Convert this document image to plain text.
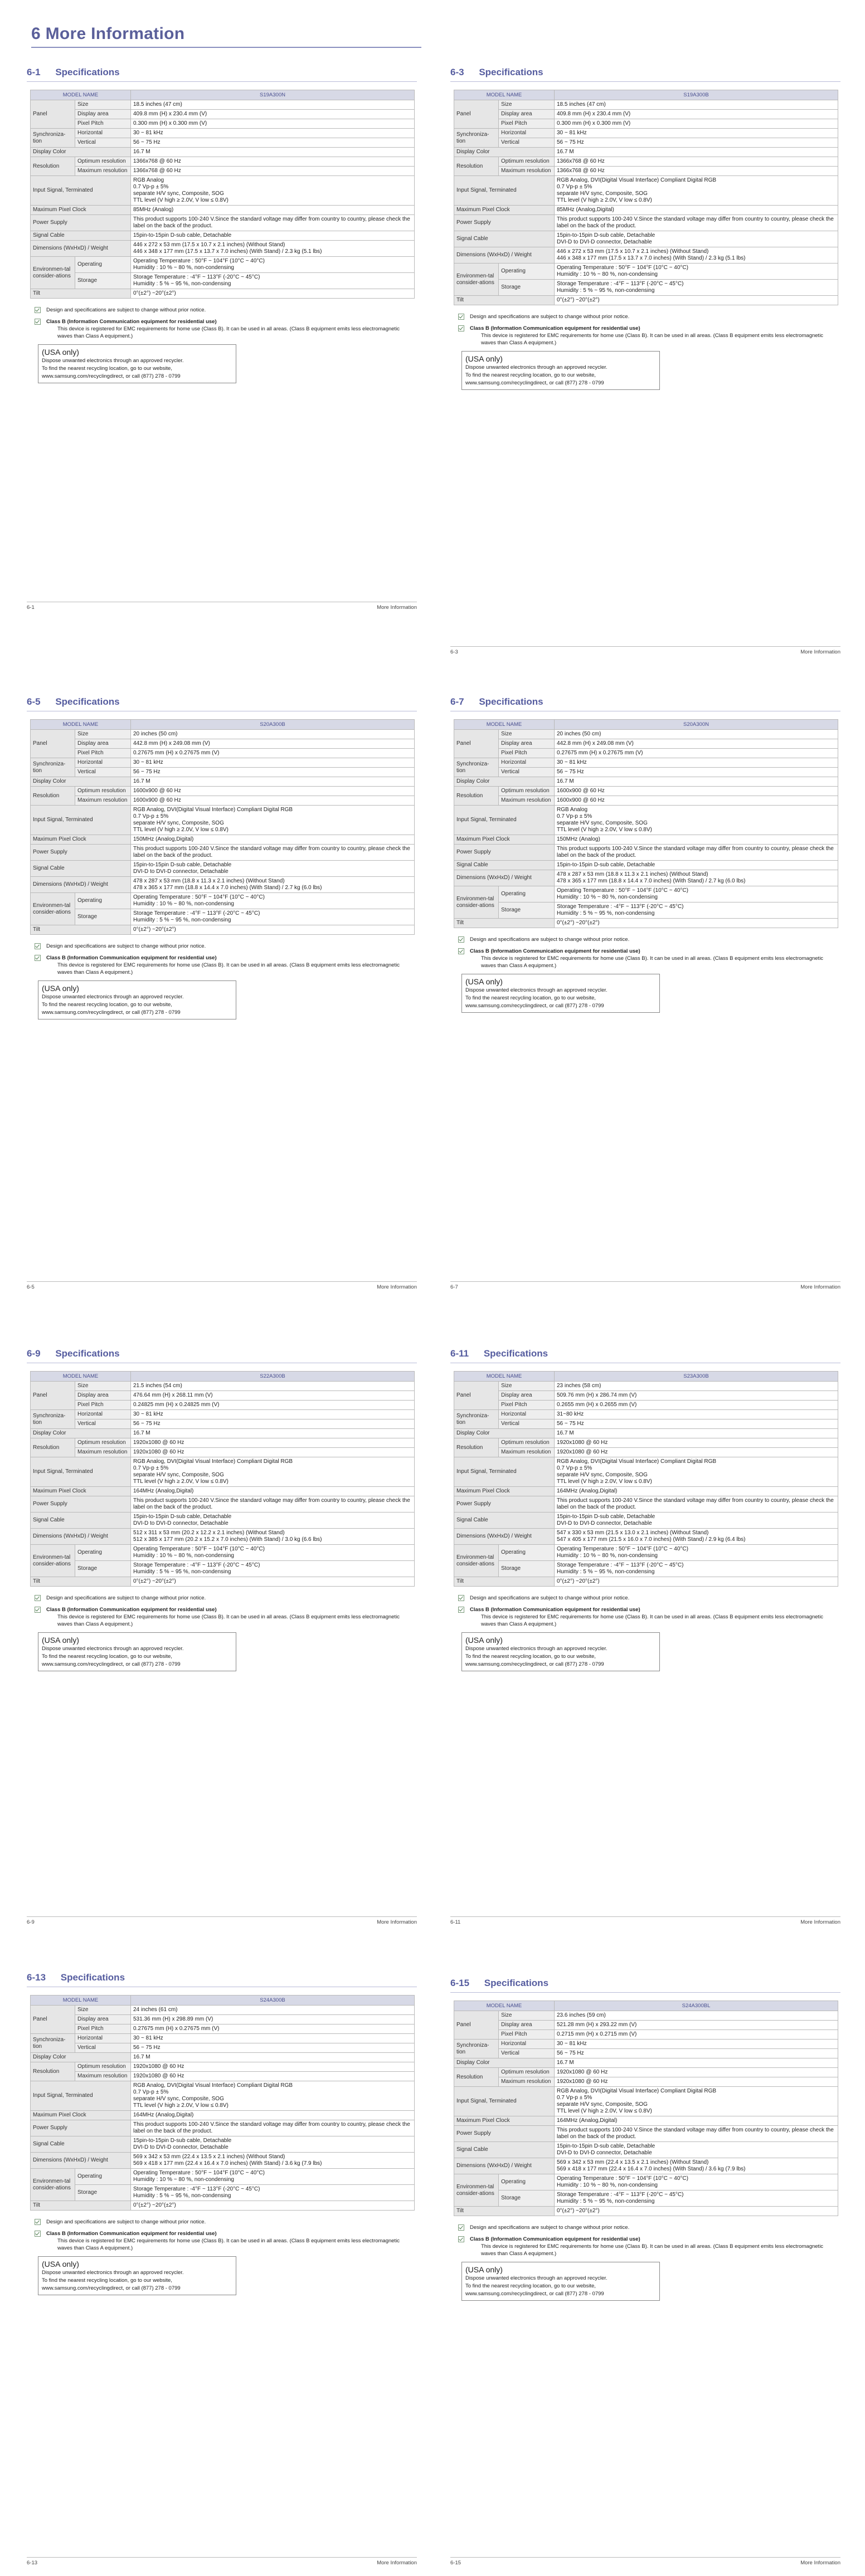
6 More Information
6-1 Specifications
MODEL NAME		S19A300N
Panel	Size	18.5 inches (47 cm)
	Display area	409.8 mm (H) x 230.4 mm (V)
	Pixel Pitch	0.300 mm (H) x 0.300 mm (V)
Synchroniza-tion	Horizontal	30 ~ 81 kHz
	Vertical	56 ~ 75 Hz
Display Color		16.7 M
Resolution	Optimum resolution	1366x768 @ 60 Hz
	Maximum resolution	1366x768 @ 60 Hz
Input Signal, Terminated		RGB Analog
0.7 Vp-p ± 5%
separate H/V sync, Composite, SOG
TTL level (V high ≥ 2.0V, V low ≤ 0.8V)

Maximum Pixel Clock		85MHz (Analog)
Power Supply		This product supports 100-240 V.Since the standard voltage may differ from country to country, please check the label on the back of the product.
Signal Cable		15pin-to-15pin D-sub cable, Detachable

Dimensions (WxHxD) / Weight		446 x 272 x 53 mm (17.5 x 10.7 x 2.1 inches) (Without Stand)
446 x 348 x 177 mm (17.5 x 13.7 x 7.0 inches) (With Stand) / 2.3 kg (5.1 lbs)

Environmen-tal consider-ations	Operating	Operating Temperature : 50°F ~ 104°F (10°C ~ 40°C)
Humidity : 10 % ~ 80 %, non-condensing

	Storage	Storage Temperature : -4°F ~ 113°F (-20°C ~ 45°C)
Humidity : 5 % ~ 95 %, non-condensing

Tilt		0°(±2°) ~20°(±2°)
Design and specifications are subject to change without prior notice.
Class B (Information Communication equipment for residential use)
This device is registered for EMC requirements for home use (Class B). It can be used in all areas. (Class B equipment emits less electromagnetic waves than Class A equipment.)
(USA only)
Dispose unwanted electronics through an approved recycler.
To find the nearest recycling location, go to our website,
www.samsung.com/recyclingdirect, or call (877) 278 - 0799
6-1	More Information
6-3 Specifications
MODEL NAME		S19A300B
Panel	Size	18.5 inches (47 cm)
	Display area	409.8 mm (H) x 230.4 mm (V)
	Pixel Pitch	0.300 mm (H) x 0.300 mm (V)
Synchroniza-tion	Horizontal	30 ~ 81 kHz
	Vertical	56 ~ 75 Hz
Display Color		16.7 M
Resolution	Optimum resolution	1366x768 @ 60 Hz
	Maximum resolution	1366x768 @ 60 Hz
Input Signal, Terminated		RGB Analog, DVI(Digital Visual Interface) Compliant Digital RGB
0.7 Vp-p ± 5%
separate H/V sync, Composite, SOG
TTL level (V high ≥ 2.0V, V low ≤ 0.8V)

Maximum Pixel Clock		85MHz (Analog,Digital)
Power Supply		This product supports 100-240 V.Since the standard voltage may differ from country to country, please check the label on the back of the product.
Signal Cable		15pin-to-15pin D-sub cable, Detachable
DVI-D to DVI-D connector, Detachable

Dimensions (WxHxD) / Weight		446 x 272 x 53 mm (17.5 x 10.7 x 2.1 inches) (Without Stand)
446 x 348 x 177 mm (17.5 x 13.7 x 7.0 inches) (With Stand) / 2.3 kg (5.1 lbs)

Environmen-tal consider-ations	Operating	Operating Temperature : 50°F ~ 104°F (10°C ~ 40°C)
Humidity : 10 % ~ 80 %, non-condensing

	Storage	Storage Temperature : -4°F ~ 113°F (-20°C ~ 45°C)
Humidity : 5 % ~ 95 %, non-condensing

Tilt		0°(±2°) ~20°(±2°)
Design and specifications are subject to change without prior notice.
Class B (Information Communication equipment for residential use)
This device is registered for EMC requirements for home use (Class B). It can be used in all areas. (Class B equipment emits less electromagnetic waves than Class A equipment.)
(USA only)
Dispose unwanted electronics through an approved recycler.
To find the nearest recycling location, go to our website,
www.samsung.com/recyclingdirect, or call (877) 278 - 0799
6-3	More Information
6-5 Specifications
MODEL NAME		S20A300B
Panel	Size	20 inches (50 cm)
	Display area	442.8 mm (H) x 249.08 mm (V)
	Pixel Pitch	0.27675 mm (H) x 0.27675 mm (V)
Synchroniza-tion	Horizontal	30 ~ 81 kHz
	Vertical	56 ~ 75 Hz
Display Color		16.7 M
Resolution	Optimum resolution	1600x900 @ 60 Hz
	Maximum resolution	1600x900 @ 60 Hz
Input Signal, Terminated		RGB Analog, DVI(Digital Visual Interface) Compliant Digital RGB
0.7 Vp-p ± 5%
separate H/V sync, Composite, SOG
TTL level (V high ≥ 2.0V, V low ≤ 0.8V)

Maximum Pixel Clock		150MHz (Analog,Digital)
Power Supply		This product supports 100-240 V.Since the standard voltage may differ from country to country, please check the label on the back of the product.
Signal Cable		15pin-to-15pin D-sub cable, Detachable
DVI-D to DVI-D connector, Detachable

Dimensions (WxHxD) / Weight		478 x 287 x 53 mm (18.8 x 11.3 x 2.1 inches) (Without Stand)
478 x 365 x 177 mm (18.8 x 14.4 x 7.0 inches) (With Stand) / 2.7 kg (6.0 lbs)

Environmen-tal consider-ations	Operating	Operating Temperature : 50°F ~ 104°F (10°C ~ 40°C)
Humidity : 10 % ~ 80 %, non-condensing

	Storage	Storage Temperature : -4°F ~ 113°F (-20°C ~ 45°C)
Humidity : 5 % ~ 95 %, non-condensing

Tilt		0°(±2°) ~20°(±2°)
Design and specifications are subject to change without prior notice.
Class B (Information Communication equipment for residential use)
This device is registered for EMC requirements for home use (Class B). It can be used in all areas. (Class B equipment emits less electromagnetic waves than Class A equipment.)
(USA only)
Dispose unwanted electronics through an approved recycler.
To find the nearest recycling location, go to our website,
www.samsung.com/recyclingdirect, or call (877) 278 - 0799
6-5	More Information
6-7 Specifications
MODEL NAME		S20A300N
Panel	Size	20 inches (50 cm)
	Display area	442.8 mm (H) x 249.08 mm (V)
	Pixel Pitch	0.27675 mm (H) x 0.27675 mm (V)
Synchroniza-tion	Horizontal	30 ~ 81 kHz
	Vertical	56 ~ 75 Hz
Display Color		16.7 M
Resolution	Optimum resolution	1600x900 @ 60 Hz
	Maximum resolution	1600x900 @ 60 Hz
Input Signal, Terminated		RGB Analog
0.7 Vp-p ± 5%
separate H/V sync, Composite, SOG
TTL level (V high ≥ 2.0V, V low ≤ 0.8V)

Maximum Pixel Clock		150MHz (Analog)
Power Supply		This product supports 100-240 V.Since the standard voltage may differ from country to country, please check the label on the back of the product.
Signal Cable		15pin-to-15pin D-sub cable, Detachable

Dimensions (WxHxD) / Weight		478 x 287 x 53 mm (18.8 x 11.3 x 2.1 inches) (Without Stand)
478 x 365 x 177 mm (18.8 x 14.4 x 7.0 inches) (With Stand) / 2.7 kg (6.0 lbs)

Environmen-tal consider-ations	Operating	Operating Temperature : 50°F ~ 104°F (10°C ~ 40°C)
Humidity : 10 % ~ 80 %, non-condensing

	Storage	Storage Temperature : -4°F ~ 113°F (-20°C ~ 45°C)
Humidity : 5 % ~ 95 %, non-condensing

Tilt		0°(±2°) ~20°(±2°)
Design and specifications are subject to change without prior notice.
Class B (Information Communication equipment for residential use)
This device is registered for EMC requirements for home use (Class B). It can be used in all areas. (Class B equipment emits less electromagnetic waves than Class A equipment.)
(USA only)
Dispose unwanted electronics through an approved recycler.
To find the nearest recycling location, go to our website,
www.samsung.com/recyclingdirect, or call (877) 278 - 0799
6-7	More Information
6-9 Specifications
MODEL NAME		S22A300B
Panel	Size	21.5 inches (54 cm)
	Display area	476.64 mm (H) x 268.11 mm (V)
	Pixel Pitch	0.24825 mm (H) x 0.24825 mm (V)
Synchroniza-tion	Horizontal	30 ~ 81 kHz
	Vertical	56 ~ 75 Hz
Display Color		16.7 M
Resolution	Optimum resolution	1920x1080 @ 60 Hz
	Maximum resolution	1920x1080 @ 60 Hz
Input Signal, Terminated		RGB Analog, DVI(Digital Visual Interface) Compliant Digital RGB
0.7 Vp-p ± 5%
separate H/V sync, Composite, SOG
TTL level (V high ≥ 2.0V, V low ≤ 0.8V)

Maximum Pixel Clock		164MHz (Analog,Digital)
Power Supply		This product supports 100-240 V.Since the standard voltage may differ from country to country, please check the label on the back of the product.
Signal Cable		15pin-to-15pin D-sub cable, Detachable
DVI-D to DVI-D connector, Detachable

Dimensions (WxHxD) / Weight		512 x 311 x 53 mm (20.2 x 12.2 x 2.1 inches) (Without Stand)
512 x 385 x 177 mm (20.2 x 15.2 x 7.0 inches) (With Stand) / 3.0 kg (6.6 lbs)

Environmen-tal consider-ations	Operating	Operating Temperature : 50°F ~ 104°F (10°C ~ 40°C)
Humidity : 10 % ~ 80 %, non-condensing

	Storage	Storage Temperature : -4°F ~ 113°F (-20°C ~ 45°C)
Humidity : 5 % ~ 95 %, non-condensing

Tilt		0°(±2°) ~20°(±2°)
Design and specifications are subject to change without prior notice.
Class B (Information Communication equipment for residential use)
This device is registered for EMC requirements for home use (Class B). It can be used in all areas. (Class B equipment emits less electromagnetic waves than Class A equipment.)
(USA only)
Dispose unwanted electronics through an approved recycler.
To find the nearest recycling location, go to our website,
www.samsung.com/recyclingdirect, or call (877) 278 - 0799
6-9	More Information
6-11 Specifications
MODEL NAME		S23A300B
Panel	Size	23 inches (58 cm)
	Display area	509.76 mm (H) x 286.74 mm (V)
	Pixel Pitch	0.2655 mm (H) x 0.2655 mm (V)
Synchroniza-tion	Horizontal	31~80 kHz
	Vertical	56 ~ 75 Hz
Display Color		16.7 M
Resolution	Optimum resolution	1920x1080 @ 60 Hz
	Maximum resolution	1920x1080 @ 60 Hz
Input Signal, Terminated		RGB Analog, DVI(Digital Visual Interface) Compliant Digital RGB
0.7 Vp-p ± 5%
separate H/V sync, Composite, SOG
TTL level (V high ≥ 2.0V, V low ≤ 0.8V)

Maximum Pixel Clock		164MHz (Analog,Digital)
Power Supply		This product supports 100-240 V.Since the standard voltage may differ from country to country, please check the label on the back of the product.
Signal Cable		15pin-to-15pin D-sub cable, Detachable
DVI-D to DVI-D connector, Detachable

Dimensions (WxHxD) / Weight		547 x 330 x 53 mm (21.5 x 13.0 x 2.1 inches) (Without Stand)
547 x 405 x 177 mm (21.5 x 16.0 x 7.0 inches) (With Stand) / 2.9 kg (6.4 lbs)

Environmen-tal consider-ations	Operating	Operating Temperature : 50°F ~ 104°F (10°C ~ 40°C)
Humidity : 10 % ~ 80 %, non-condensing

	Storage	Storage Temperature : -4°F ~ 113°F (-20°C ~ 45°C)
Humidity : 5 % ~ 95 %, non-condensing

Tilt		0°(±2°) ~20°(±2°)
Design and specifications are subject to change without prior notice.
Class B (Information Communication equipment for residential use)
This device is registered for EMC requirements for home use (Class B). It can be used in all areas. (Class B equipment emits less electromagnetic waves than Class A equipment.)
(USA only)
Dispose unwanted electronics through an approved recycler.
To find the nearest recycling location, go to our website,
www.samsung.com/recyclingdirect, or call (877) 278 - 0799
6-11	More Information
6-13 Specifications
MODEL NAME		S24A300B
Panel	Size	24 inches (61 cm)
	Display area	531.36 mm (H) x 298.89 mm (V)
	Pixel Pitch	0.27675 mm (H) x 0.27675 mm (V)
Synchroniza-tion	Horizontal	30 ~ 81 kHz
	Vertical	56 ~ 75 Hz
Display Color		16.7 M
Resolution	Optimum resolution	1920x1080 @ 60 Hz
	Maximum resolution	1920x1080 @ 60 Hz
Input Signal, Terminated		RGB Analog, DVI(Digital Visual Interface) Compliant Digital RGB
0.7 Vp-p ± 5%
separate H/V sync, Composite, SOG
TTL level (V high ≥ 2.0V, V low ≤ 0.8V)

Maximum Pixel Clock		164MHz (Analog,Digital)
Power Supply		This product supports 100-240 V.Since the standard voltage may differ from country to country, please check the label on the back of the product.
Signal Cable		15pin-to-15pin D-sub cable, Detachable
DVI-D to DVI-D connector, Detachable

Dimensions (WxHxD) / Weight		569 x 342 x 53 mm (22.4 x 13.5 x 2.1 inches) (Without Stand)
569 x 418 x 177 mm (22.4 x 16.4 x 7.0 inches) (With Stand) / 3.6 kg (7.9 lbs)

Environmen-tal consider-ations	Operating	Operating Temperature : 50°F ~ 104°F (10°C ~ 40°C)
Humidity : 10 % ~ 80 %, non-condensing

	Storage	Storage Temperature : -4°F ~ 113°F (-20°C ~ 45°C)
Humidity : 5 % ~ 95 %, non-condensing

Tilt		0°(±2°) ~20°(±2°)
Design and specifications are subject to change without prior notice.
Class B (Information Communication equipment for residential use)
This device is registered for EMC requirements for home use (Class B). It can be used in all areas. (Class B equipment emits less electromagnetic waves than Class A equipment.)
(USA only)
Dispose unwanted electronics through an approved recycler.
To find the nearest recycling location, go to our website,
www.samsung.com/recyclingdirect, or call (877) 278 - 0799
6-13	More Information
6-15 Specifications
MODEL NAME		S24A300BL
Panel	Size	23.6 inches (59 cm)
	Display area	521.28 mm (H) x 293.22 mm (V)
	Pixel Pitch	0.2715 mm (H) x 0.2715 mm (V)
Synchroniza-tion	Horizontal	30 ~ 81 kHz
	Vertical	56 ~ 75 Hz
Display Color		16.7 M
Resolution	Optimum resolution	1920x1080 @ 60 Hz
	Maximum resolution	1920x1080 @ 60 Hz
Input Signal, Terminated		RGB Analog, DVI(Digital Visual Interface) Compliant Digital RGB
0.7 Vp-p ± 5%
separate H/V sync, Composite, SOG
TTL level (V high ≥ 2.0V, V low ≤ 0.8V)

Maximum Pixel Clock		164MHz (Analog,Digital)
Power Supply		This product supports 100-240 V.Since the standard voltage may differ from country to country, please check the label on the back of the product.
Signal Cable		15pin-to-15pin D-sub cable, Detachable
DVI-D to DVI-D connector, Detachable

Dimensions (WxHxD) / Weight		569 x 342 x 53 mm (22.4 x 13.5 x 2.1 inches) (Without Stand)
569 x 418 x 177 mm (22.4 x 16.4 x 7.0 inches) (With Stand) / 3.6 kg (7.9 lbs)

Environmen-tal consider-ations	Operating	Operating Temperature : 50°F ~ 104°F (10°C ~ 40°C)
Humidity : 10 % ~ 80 %, non-condensing

	Storage	Storage Temperature : -4°F ~ 113°F (-20°C ~ 45°C)
Humidity : 5 % ~ 95 %, non-condensing

Tilt		0°(±2°) ~20°(±2°)
Design and specifications are subject to change without prior notice.
Class B (Information Communication equipment for residential use)
This device is registered for EMC requirements for home use (Class B). It can be used in all areas. (Class B equipment emits less electromagnetic waves than Class A equipment.)
(USA only)
Dispose unwanted electronics through an approved recycler.
To find the nearest recycling location, go to our website,
www.samsung.com/recyclingdirect, or call (877) 278 - 0799
6-15	More Information
